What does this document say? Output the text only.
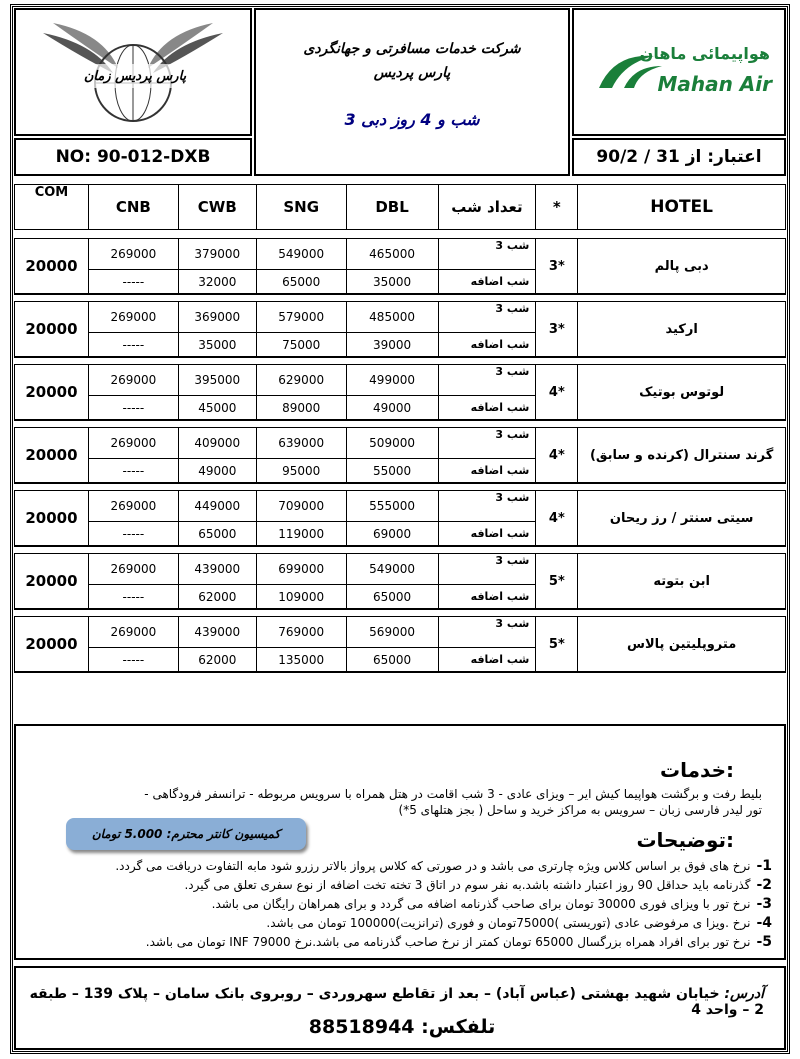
پارس پردیس زمان
شرکت خدمات مسافرتی و جهانگردی
پارس پردیس
3 شب و 4 روز دبی
هواپیمائی ماهان
Mahan Air
NO: 90-012-DXB	اعتبار: از 31 / 90/2
COM	CNB	CWB	SNG	DBL	تعداد شب	*	HOTEL

20000	269000	379000	549000	465000	3 شب	3*	دبی پالم
	-----	32000	65000	35000	شب اضافه		

20000	269000	369000	579000	485000	3 شب	3*	ارکید
	-----	35000	75000	39000	شب اضافه		

20000	269000	395000	629000	499000	3 شب	4*	لوتوس بوتیک
	-----	45000	89000	49000	شب اضافه		

20000	269000	409000	639000	509000	3 شب	4*	گرند سنترال (کرنده و سابق)
	-----	49000	95000	55000	شب اضافه		

20000	269000	449000	709000	555000	3 شب	4*	سیتی سنتر / رز ریحان
	-----	65000	119000	69000	شب اضافه		

20000	269000	439000	699000	549000	3 شب	5*	ابن بتوته
	-----	62000	109000	65000	شب اضافه		

20000	269000	439000	769000	569000	3 شب	5*	متروپلیتین پالاس
	-----	62000	135000	65000	شب اضافه		
خدمات:
بلیط رفت و برگشت هواپیما کیش ایر – ویزای عادی - 3 شب اقامت در هتل همراه با سرویس مربوطه - ترانسفر فرودگاهی -
تور لیدر فارسی زبان – سرویس به مراکز خرید و ساحل ( بجز هتلهای 5*)
کمیسیون کانتر محترم: 5.000 تومان	توضیحات:
1-نرخ های فوق بر اساس کلاس ویژه چارتری می باشد و در صورتی که کلاس پرواز بالاتر رزرو شود مابه التفاوت دریافت می گردد.
2-گذرنامه باید حداقل 90 روز اعتبار داشته باشد.به نفر سوم در اتاق 3 تخته تخت اضافه از نوع سفری تعلق می گیرد.
3-نرخ تور با ویزای فوری 30000 تومان برای صاحب گذرنامه اضافه می گردد و برای همراهان رایگان می باشد.
4-نرخ .ویزا ی مرفوضی عادی (توریستی )75000تومان و فوری (ترانزیت)100000 تومان می باشد.
5-نرخ تور برای افراد همراه بزرگسال 65000 تومان کمتر از نرخ صاحب گذرنامه می باشد.نرخ INF 79000 تومان می باشد.
آدرس: خیابان شهید بهشتی (عباس آباد) – بعد از تقاطع سهروردی – روبروی بانک سامان – پلاک 139 – طبقه 2 – واحد 4
تلفکس: 88518944
